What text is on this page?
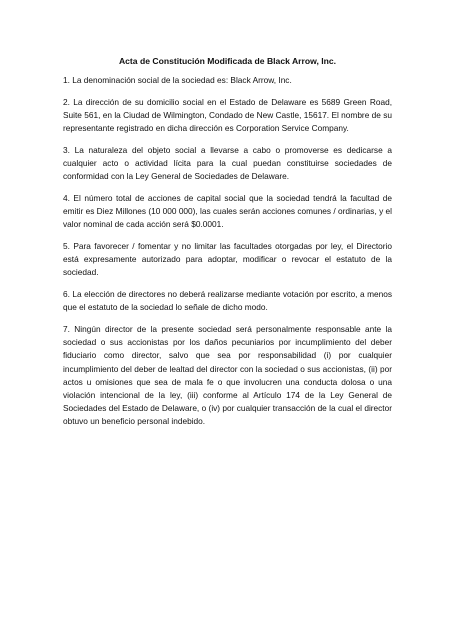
Acta de Constitución Modificada de Black Arrow, Inc.

1. La denominación social de la sociedad es: Black Arrow, Inc.

2. La dirección de su domicilio social en el Estado de Delaware es 5689 Green Road, Suite 561, en la Ciudad de Wilmington, Condado de New Castle, 15617. El nombre de su representante registrado en dicha dirección es Corporation Service Company.

3. La naturaleza del objeto social a llevarse a cabo o promoverse es dedicarse a cualquier acto o actividad lícita para la cual puedan constituirse sociedades de conformidad con la Ley General de Sociedades de Delaware.

4. El número total de acciones de capital social que la sociedad tendrá la facultad de emitir es Diez Millones (10 000 000), las cuales serán acciones comunes / ordinarias, y el valor nominal de cada acción será $0.0001.

5. Para favorecer / fomentar y no limitar las facultades otorgadas por ley, el Directorio está expresamente autorizado para adoptar, modificar o revocar el estatuto de la sociedad.

6. La elección de directores no deberá realizarse mediante votación por escrito, a menos que el estatuto de la sociedad lo señale de dicho modo.

7. Ningún director de la presente sociedad será personalmente responsable ante la sociedad o sus accionistas por los daños pecuniarios por incumplimiento del deber fiduciario como director, salvo que sea por responsabilidad (i) por cualquier incumplimiento del deber de lealtad del director con la sociedad o sus accionistas, (ii) por actos u omisiones que sea de mala fe o que involucren una conducta dolosa o una violación intencional de la ley, (iii) conforme al Artículo 174 de la Ley General de Sociedades del Estado de Delaware, o (iv) por cualquier transacción de la cual el director obtuvo un beneficio personal indebido.
